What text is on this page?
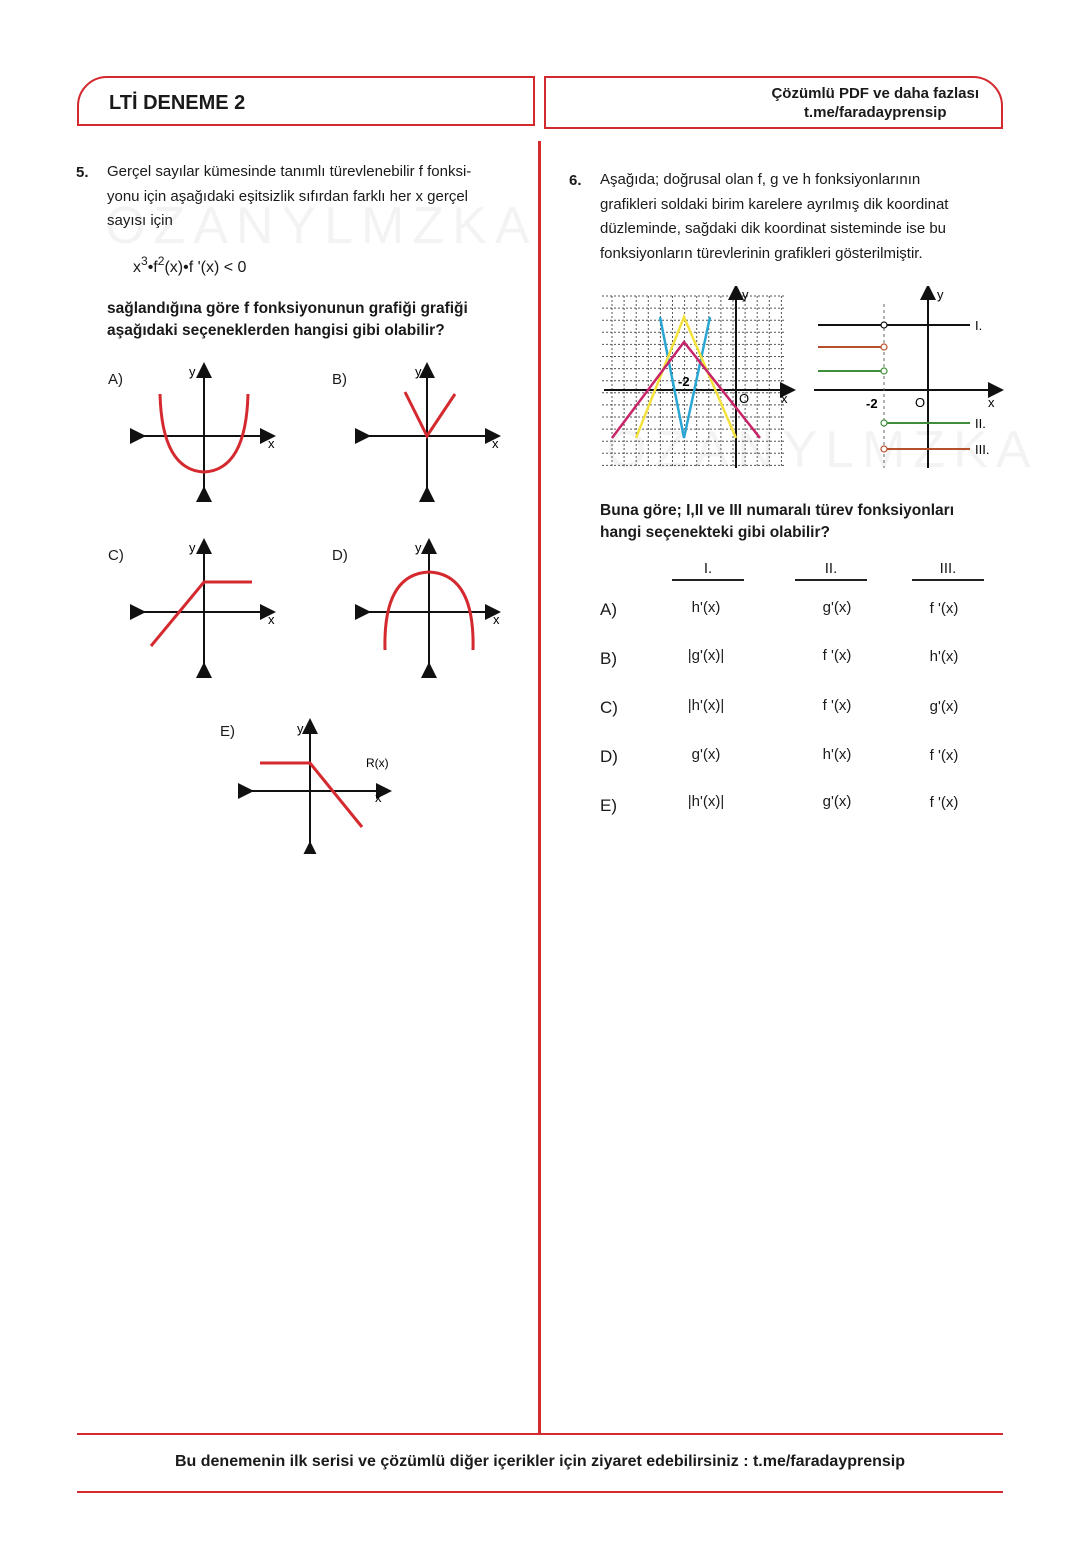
LTİ DENEME 2	Çözümlü PDF ve daha fazlası
t.me/faradayprensip
5. Gerçel sayılar kümesinde tanımlı türevlenebilir f fonksi-
yonu için aşağıdaki eşitsizlik sıfırdan farklı her x gerçel
sayısı için
$x^3•f^2(x)•f$ '(x) < 0
sağlandığına göre f fonksiyonunun grafiği grafiği
aşağıdaki seçeneklerden hangisi gibi olabilir?
A)
x
y	B)
x
y
C)
x
y	D)
x
y
E)
R(x)
x
y
6. Aşağıda; doğrusal olan f, g ve h fonksiyonlarının
grafikleri soldaki birim karelere ayrılmış dik koordinat
düzleminde, sağdaki dik koordinat sisteminde ise bu
fonksiyonların türevlerinin grafikleri gösterilmiştir.
-2
O x
y
I.
II.
III.
-2	O	x
y
Buna göre; I,II ve III numaralı türev fonksiyonları
hangi seçenekteki gibi olabilir?
I.	II.	III.
A)	h'(x)	g'(x)	f '(x)
B)	|g'(x)|	f '(x)	h'(x)
C)	|h'(x)|	f '(x)	g'(x)
D)	g'(x)	h'(x)	f '(x)
E)	|h'(x)|	g'(x)	f '(x)
Bu denemenin ilk serisi ve çözümlü diğer içerikler için ziyaret edebilirsiniz : t.me/faradayprensip
